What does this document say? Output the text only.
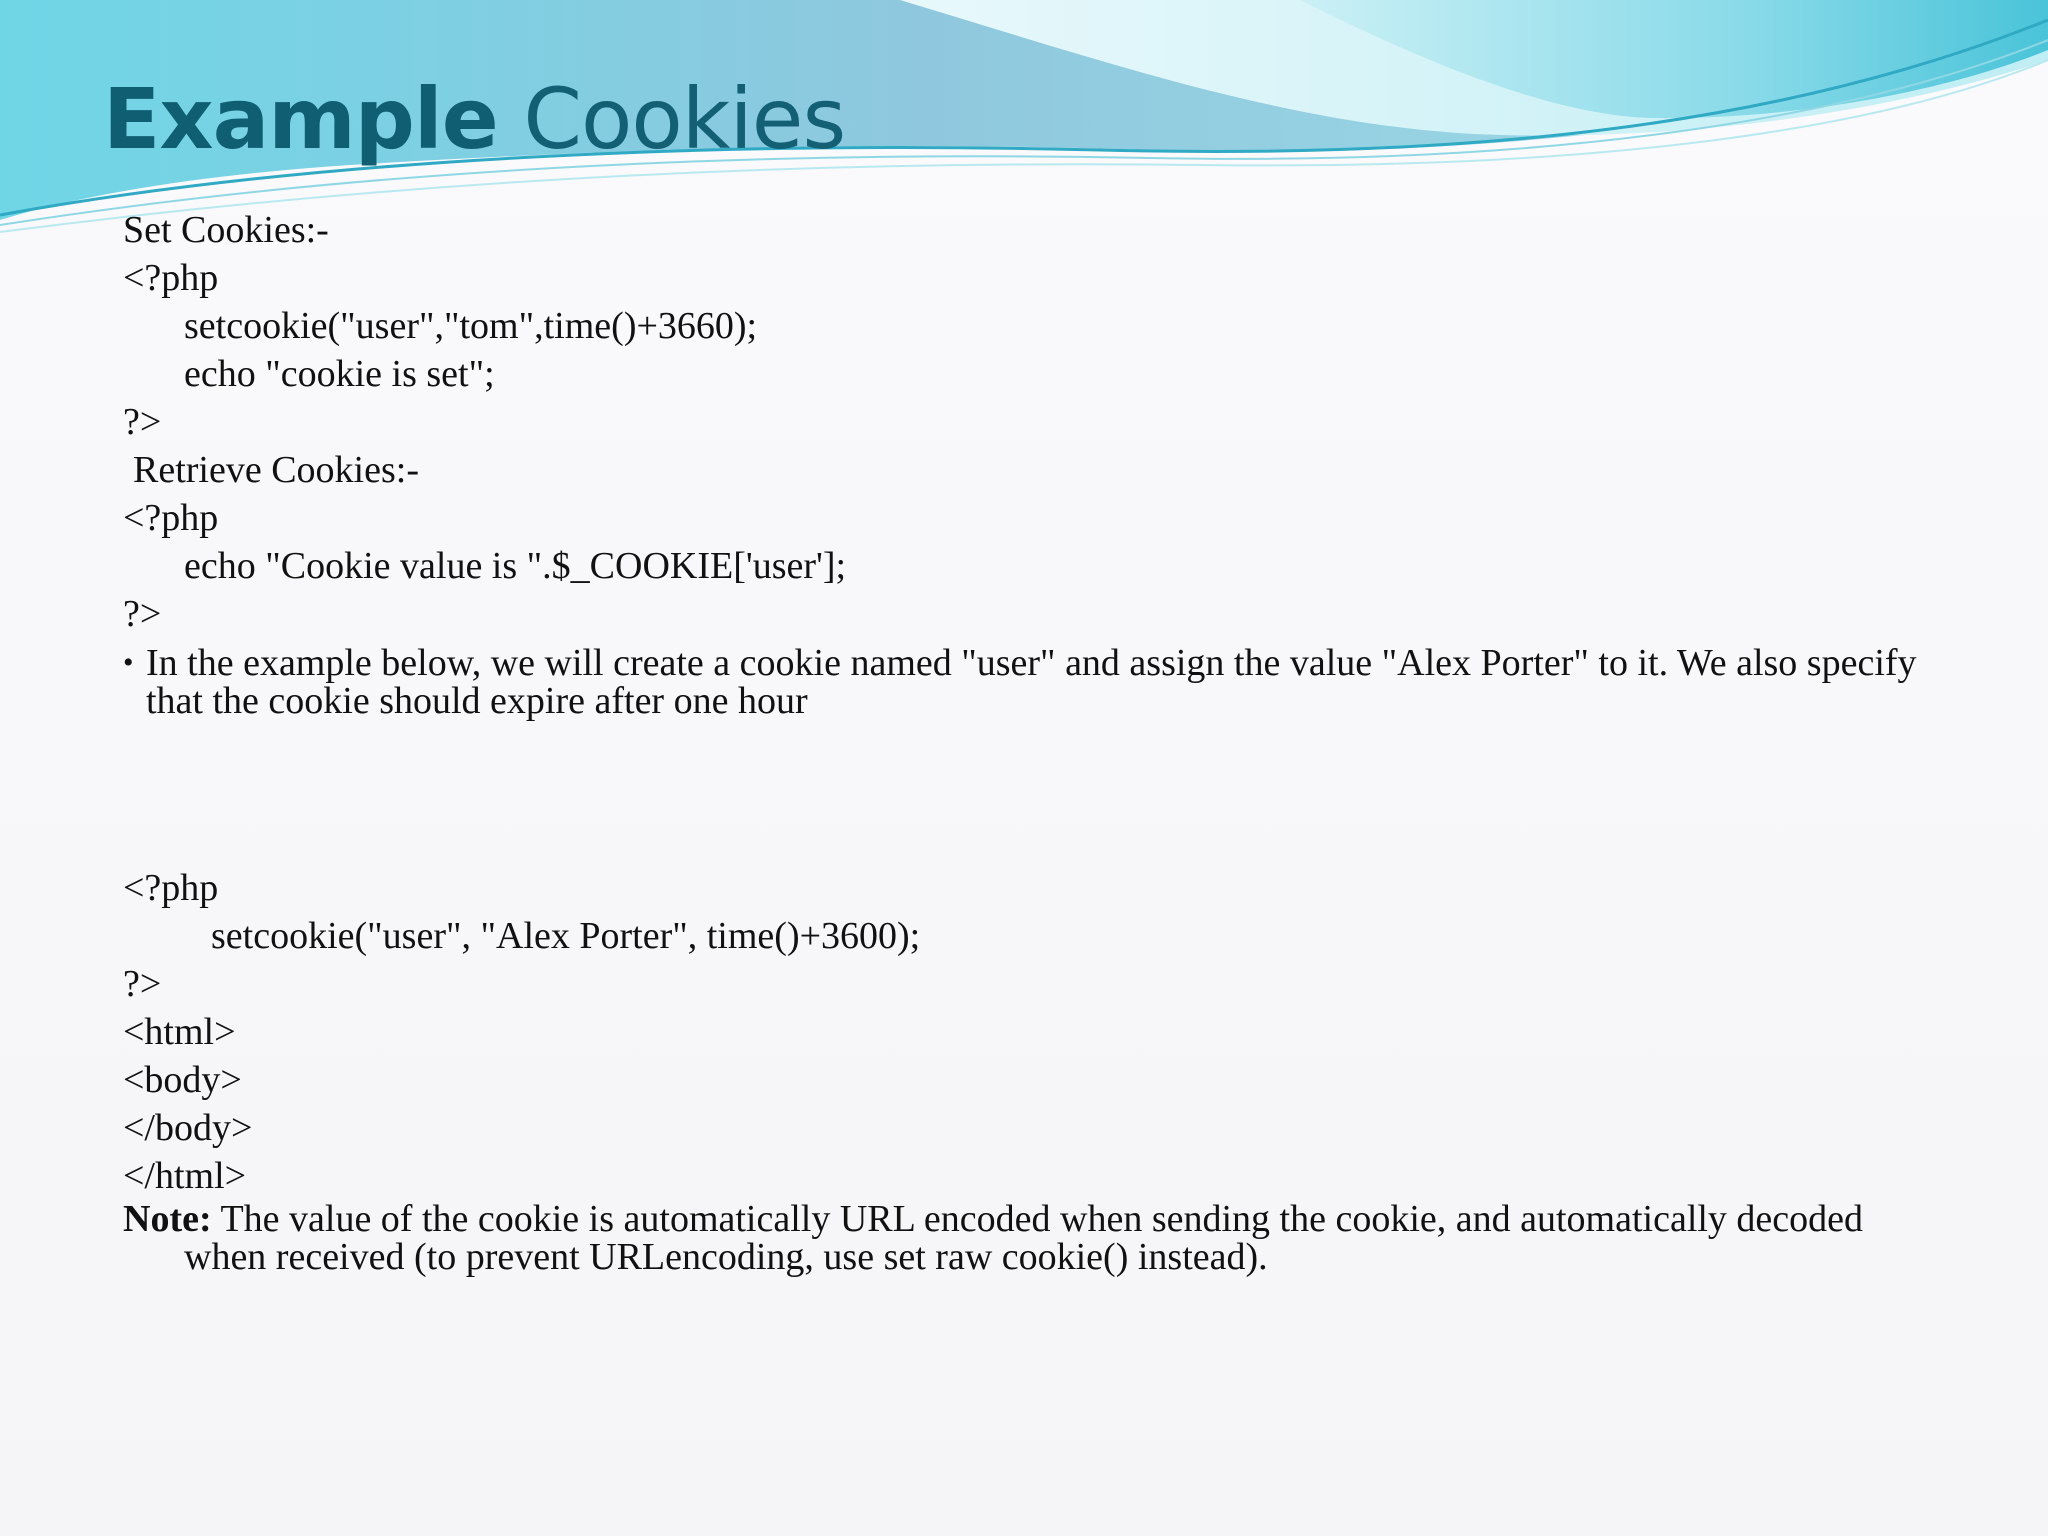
Example Cookies
Set Cookies:-
<?php
setcookie("user","tom",time()+3660);
echo "cookie is set";
?>
Retrieve Cookies:-
<?php
echo "Cookie value is ".$_COOKIE['user'];
?>
• In the example below, we will create a cookie named "user" and assign the value "Alex Porter" to it. We also specify that the cookie should expire after one hour
<?php
setcookie("user", "Alex Porter", time()+3600);
?>
<html>
<body>
</body>
</html>
Note: The value of the cookie is automatically URL encoded when sending the cookie, and automatically decoded when received (to prevent URLencoding, use set raw cookie() instead).
